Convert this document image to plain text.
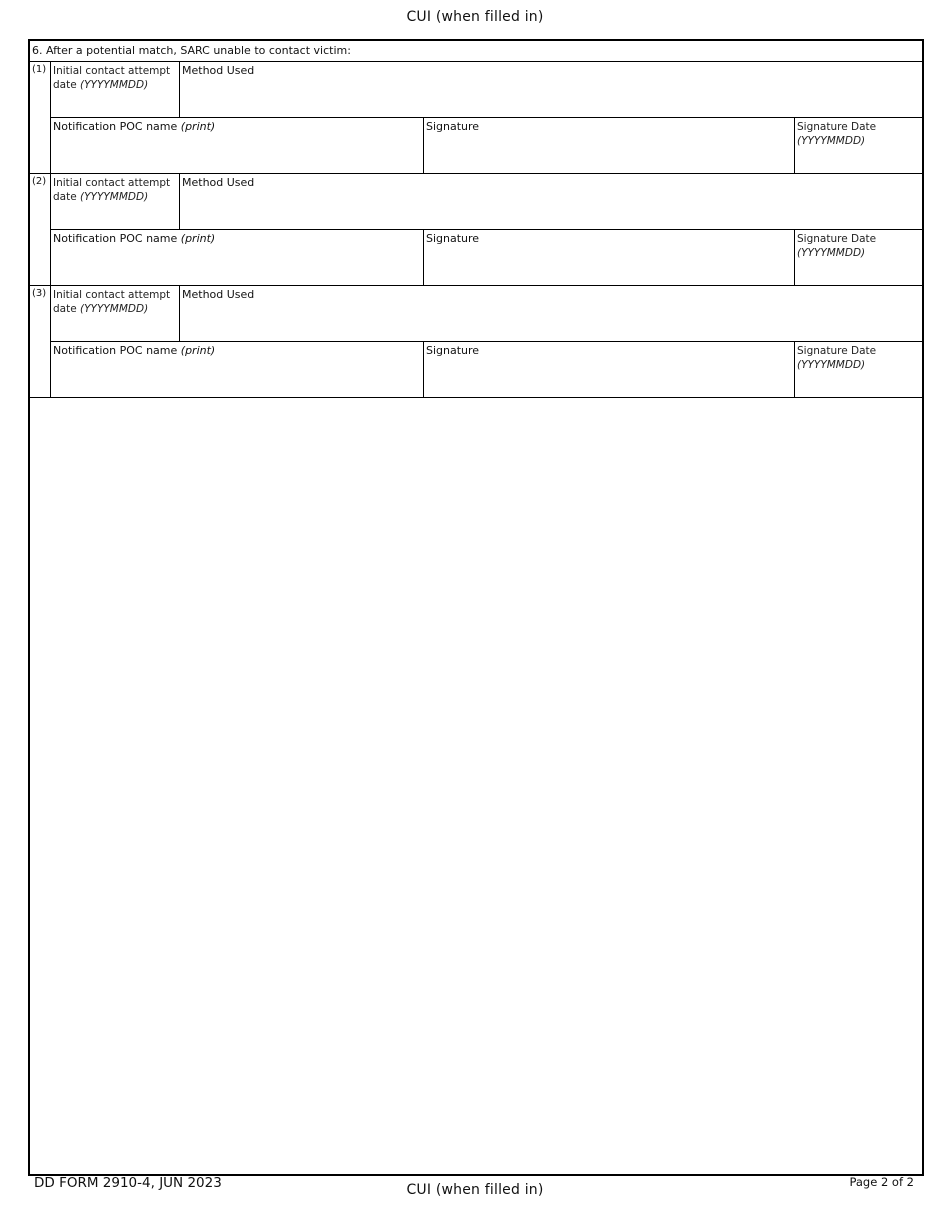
CUI (when filled in)
6. After a potential match, SARC unable to contact victim:
(1) Initial contact attempt date (YYYYMMDD)
Method Used
Notification POC name (print)	Signature	Signature Date
(YYYYMMDD)
(2) Initial contact attempt date (YYYYMMDD)
Method Used
Notification POC name (print)	Signature	Signature Date
(YYYYMMDD)
(3) Initial contact attempt date (YYYYMMDD)
Method Used
Notification POC name (print)	Signature	Signature Date
(YYYYMMDD)
DD FORM 2910-4, JUN 2023	Page 2 of 2
CUI (when filled in)
